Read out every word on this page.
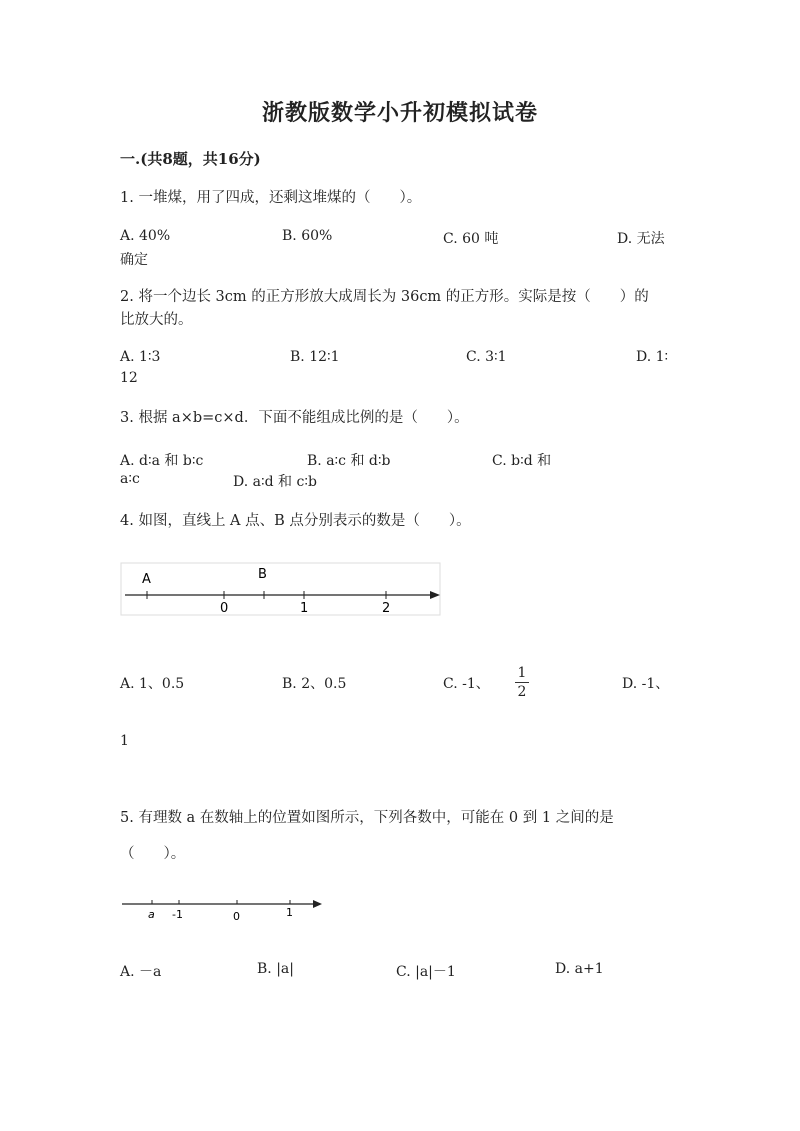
浙教版数学小升初模拟试卷
一.(共8题，共16分)
1. 一堆煤，用了四成，还剩这堆煤的（　　）。
A. 40%	B. 60%	C. 60 吨	D. 无法
确定
2. 将一个边长 3cm 的正方形放大成周长为 36cm 的正方形。实际是按（　　）的
比放大的。
A. 1∶3	B. 12∶1	C. 3∶1	D. 1∶
12
3. 根据 a×b=c×d．下面不能组成比例的是（　　）。
A. d∶a 和 b∶c	B. a∶c 和 d∶b	C. b∶d 和
a∶c	D. a∶d 和 c∶b
4. 如图，直线上 A 点、B 点分别表示的数是（　　）。
A	B
0	1	2
A. 1、0.5	B. 2、0.5	C. -1、
1
2	D. -1、
1
5. 有理数 a 在数轴上的位置如图所示，下列各数中，可能在 0 到 1 之间的是
（　　）。
a -1	0	1
A. －a	B. |a|	C. |a|－1	D. a+1
